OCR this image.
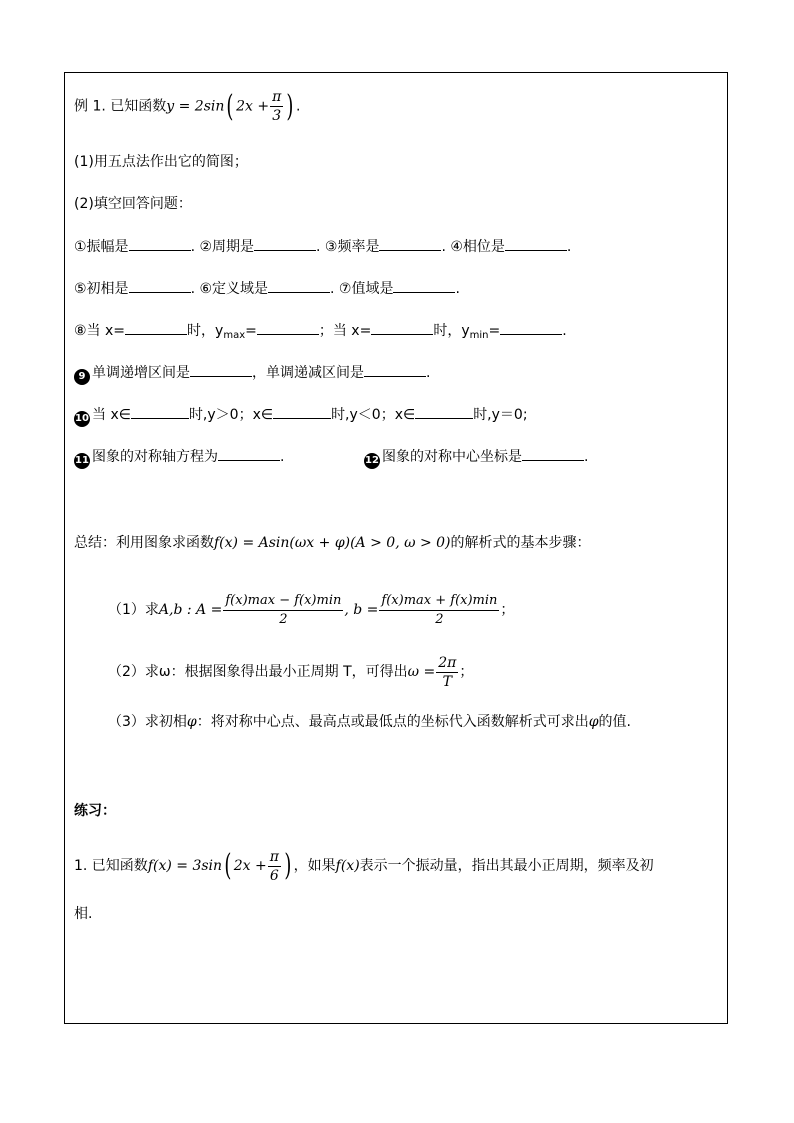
例 1. 已知函数y = 2sin( $2x + \frac{\pi}{3}$ ) .
(1)用五点法作出它的简图；
(2)填空回答问题：
①振幅是	. ②周期是	. ③频率是	. ④相位是	.
⑤初相是	. ⑥定义域是	. ⑦值域是	.
⑧当 x=	时，$y_{max}=$	；当 x=	时，$y_{min}=$	.
9 单调递增区间是	，单调递减区间是	.
10 当 x∈	时,y＞0；x∈	时,y＜0；x∈	时,y＝0;
11 图象的对称轴方程为	.	12 图象的对称中心坐标是	.
总结：利用图象求函数f(x) = Asin(ωx + φ)(A > 0, ω > 0)的解析式的基本步骤：
（1）求A,b : $A = \frac{f(x)\max - f(x)\min}{2}$ , $b = \frac{f(x)\max + f(x)\min}{2}$ ；
（2）求ω：根据图象得出最小正周期 T，可得出$\omega = \frac{2\pi}{T}$ ；
（3）求初相φ：将对称中心点、最高点或最低点的坐标代入函数解析式可求出φ的值.
练习：
1. 已知函数f(x) = 3sin( $2x + \frac{\pi}{6}$ ) ，如果f(x)表示一个振动量，指出其最小正周期，频率及初
相.
